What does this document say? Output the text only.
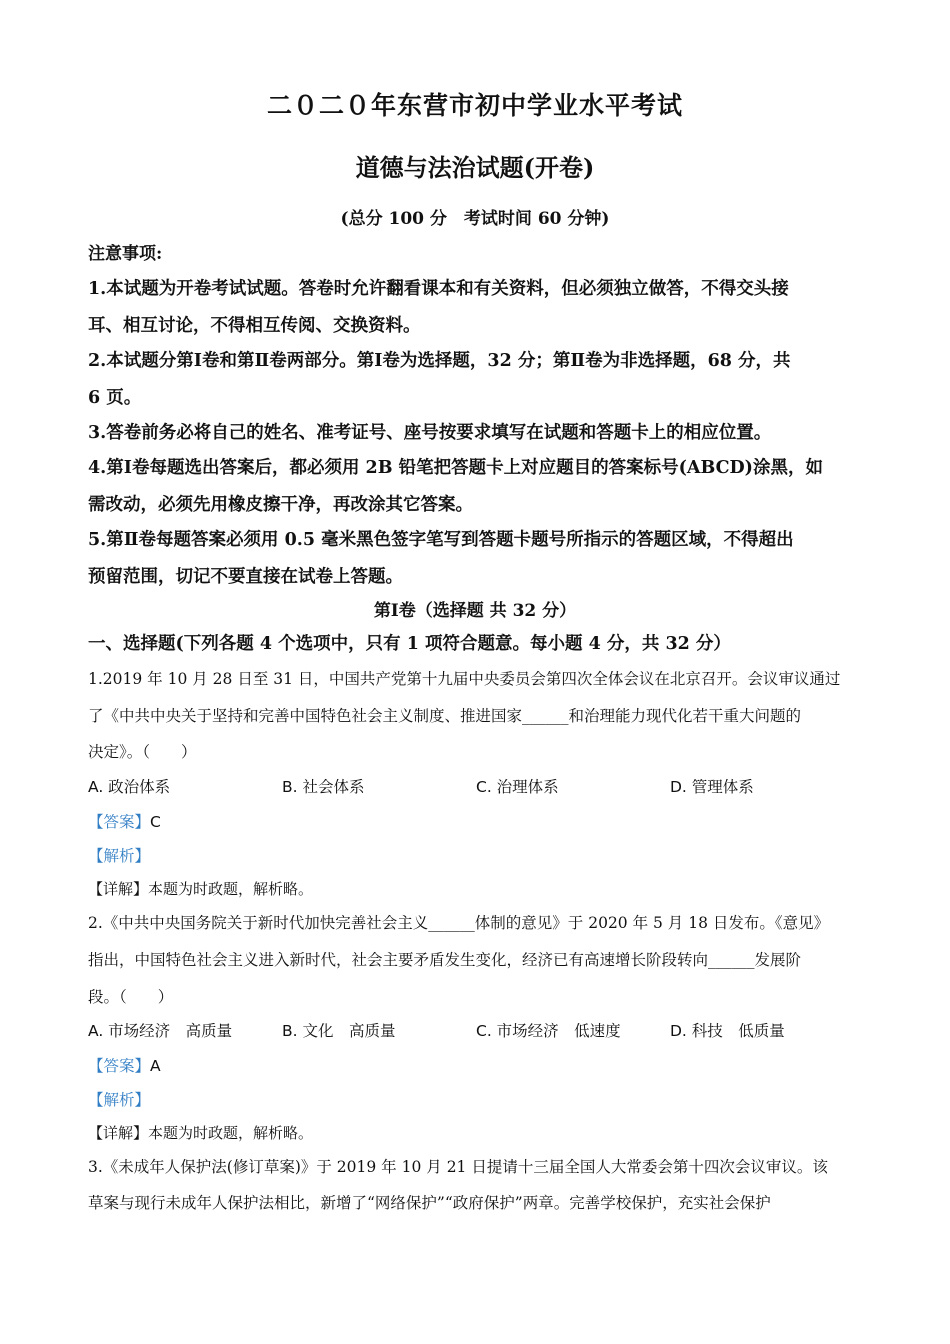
二０二０年东营市初中学业水平考试
道德与法治试题(开卷)
(总分 100 分　考试时间 60 分钟)
注意事项:
1.本试题为开卷考试试题。答卷时允许翻看课本和有关资料，但必须独立做答，不得交头接
耳、相互讨论，不得相互传阅、交换资料。
2.本试题分第Ⅰ卷和第Ⅱ卷两部分。第Ⅰ卷为选择题，32 分；第Ⅱ卷为非选择题，68 分，共
6 页。
3.答卷前务必将自己的姓名、准考证号、座号按要求填写在试题和答题卡上的相应位置。
4.第Ⅰ卷每题选出答案后，都必须用 2B 铅笔把答题卡上对应题目的答案标号(ABCD)涂黑，如
需改动，必须先用橡皮擦干净，再改涂其它答案。
5.第Ⅱ卷每题答案必须用 0.5 毫米黑色签字笔写到答题卡题号所指示的答题区域，不得超出
预留范围，切记不要直接在试卷上答题。
第Ⅰ卷（选择题 共 32 分）
一、选择题(下列各题 4 个选项中，只有 1 项符合题意。每小题 4 分，共 32 分）
1.2019 年 10 月 28 日至 31 日，中国共产党第十九届中央委员会第四次全体会议在北京召开。会议审议通过
了《中共中央关于坚持和完善中国特色社会主义制度、推进国家______和治理能力现代化若干重大问题的
决定》。（　　）
A. 政治体系	B. 社会体系	C. 治理体系	D. 管理体系
【答案】C
【解析】
【详解】本题为时政题，解析略。
2.《中共中央国务院关于新时代加快完善社会主义______体制的意见》于 2020 年 5 月 18 日发布。《意见》
指出，中国特色社会主义进入新时代，社会主要矛盾发生变化，经济已有高速增长阶段转向______发展阶
段。（　　）
A. 市场经济　高质量	B. 文化　高质量	C. 市场经济　低速度	D. 科技　低质量
【答案】A
【解析】
【详解】本题为时政题，解析略。
3.《未成年人保护法(修订草案)》于 2019 年 10 月 21 日提请十三届全国人大常委会第十四次会议审议。该
草案与现行未成年人保护法相比，新增了“网络保护”“政府保护”两章。完善学校保护，充实社会保护
